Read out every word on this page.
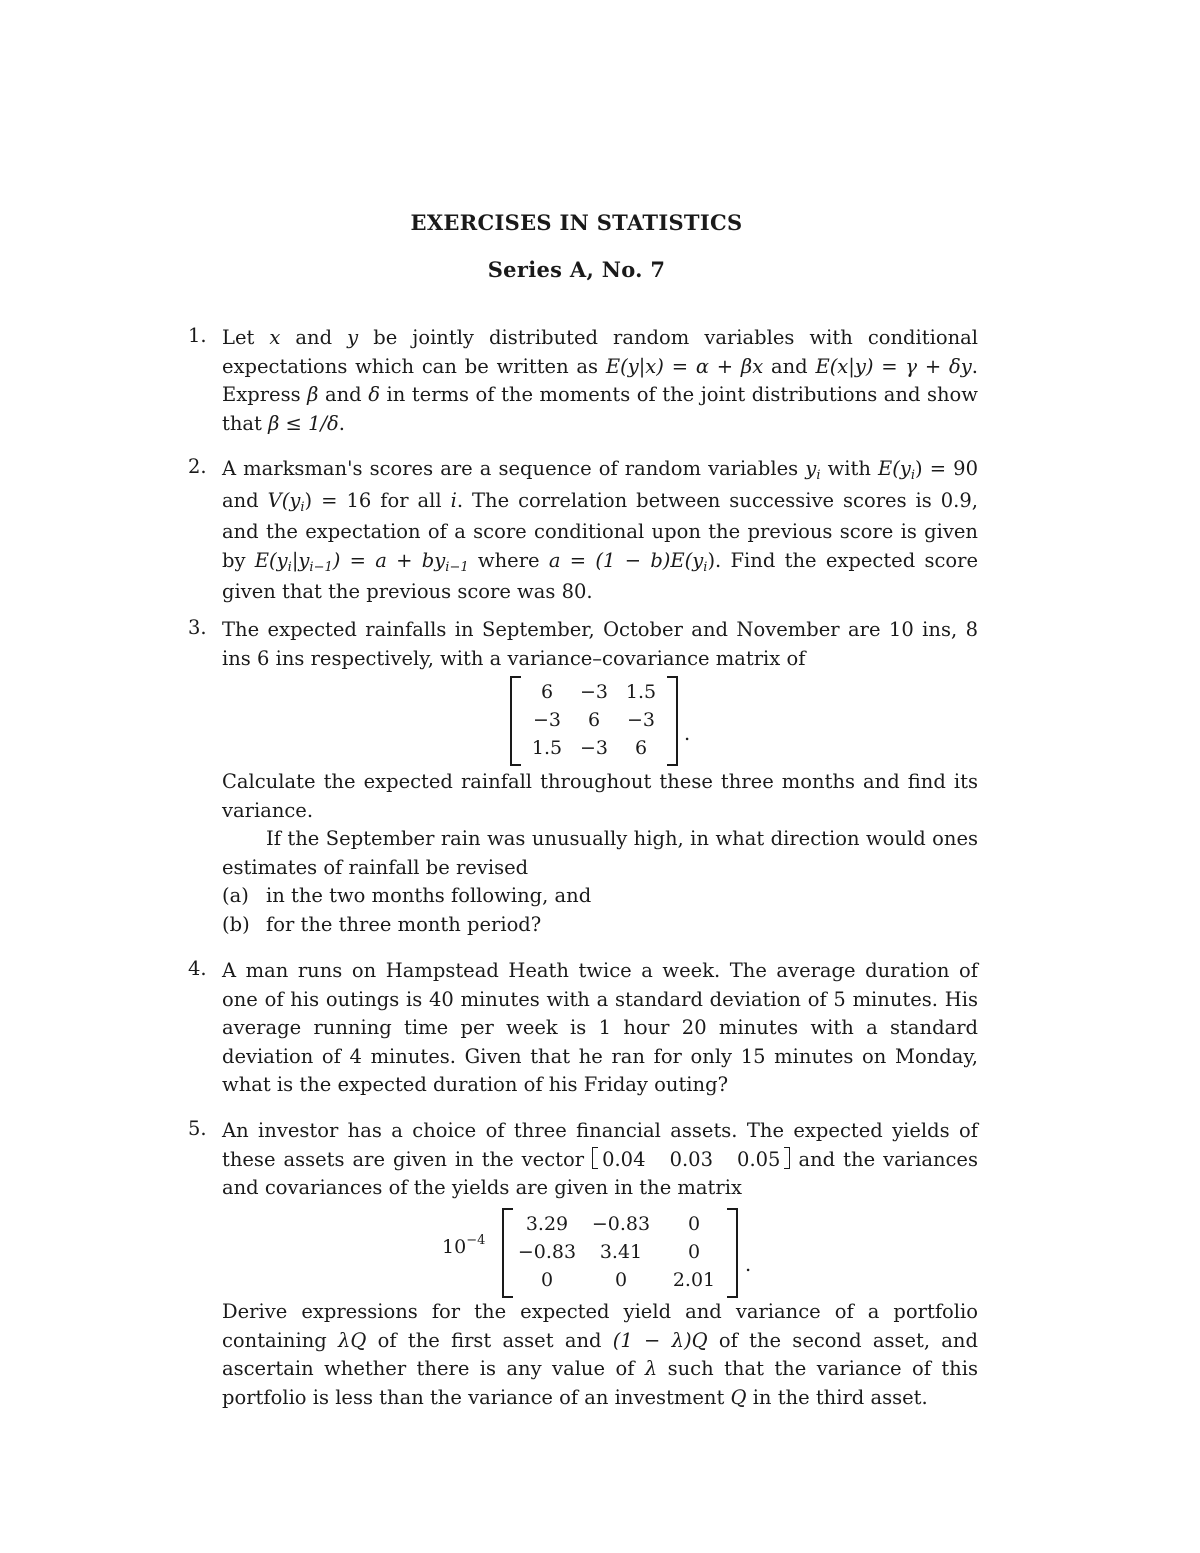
EXERCISES IN STATISTICS
Series A, No. 7
1. Let x and y be jointly distributed random variables with conditional expectations which can be written as E(y|x) = α + βx and E(x|y) = γ + δy. Express β and δ in terms of the moments of the joint distributions and show that β ≤ 1/δ.

2. A marksman's scores are a sequence of random variables $y_i$ with $E(y_i) = 90$ and $V(y_i) = 16$ for all i. The correlation between successive scores is 0.9, and the expectation of a score conditional upon the previous score is given by $E(y_i|y_{i-1}) = a + by_{i-1}$ where $a = (1 - b)E(y_i)$. Find the expected score given that the previous score was 80.

3. The expected rainfalls in September, October and November are 10 ins, 8 ins 6 ins respectively, with a variance–covariance matrix of

6	−3 1.5
−3	6	−3
1.5 −3	6
.

Calculate the expected rainfall throughout these three months and find its variance.

If the September rain was unusually high, in what direction would ones estimates of rainfall be revised

(a) in the two months following, and
(b) for the three month period?
4. A man runs on Hampstead Heath twice a week. The average duration of one of his outings is 40 minutes with a standard deviation of 5 minutes. His average running time per week is 1 hour 20 minutes with a standard deviation of 4 minutes. Given that he ran for only 15 minutes on Monday, what is the expected duration of his Friday outing?

5. An investor has a choice of three financial assets. The expected yields of these assets are given in the vector 0.04 0.03 0.05 and the variances and covariances of the yields are given in the matrix

$10^{-4}$
3.29	−0.83	0
−0.83	3.41	0
0	0	2.01
.

Derive expressions for the expected yield and variance of a portfolio containing λQ of the first asset and (1 − λ)Q of the second asset, and ascertain whether there is any value of λ such that the variance of this portfolio is less than the variance of an investment Q in the third asset.
